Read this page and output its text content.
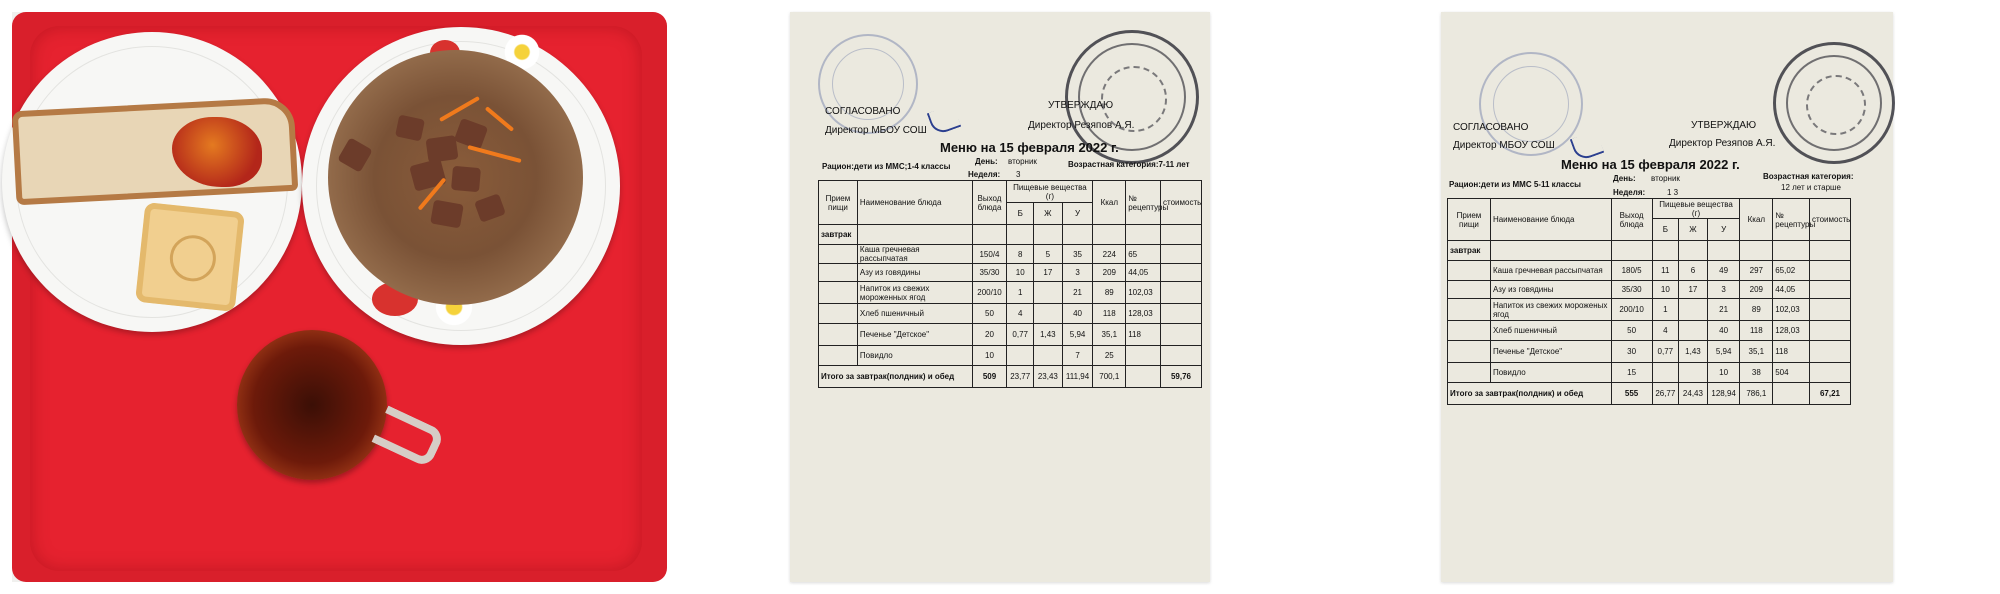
СОГЛАСОВАНО
УТВЕРЖДАЮ
Директор МБОУ СОШ	Директор Резяпов А.Я.
Меню на 15 февраля 2022 г.
Рацион:дети из ММС;1-4 классы
День: вторник
Неделя: 3
Возрастная категория:7-11 лет
Прием пищи	Наименование блюда	Выход блюда	Пищевые вещества (г)			Ккал	№ рецептуры	стоимость
			Б	Ж	У			
завтрак								
	Каша гречневая рассыпчатая	150/4	8	5	35	224	65	
	Азу из говядины	35/30	10	17	3	209	44,05	
	Напиток из свежих мороженных ягод	200/10	1		21	89	102,03	
	Хлеб пшеничный	50	4		40	118	128,03	
	Печенье "Детское"	20	0,77	1,43	5,94	35,1	118	
	Повидло	10			7	25		
Итого за завтрак(полдник) и обед		509	23,77	23,43	111,94	700,1		59,76
СОГЛАСОВАНО	УТВЕРЖДАЮ
Директор МБОУ СОШ	Директор Резяпов А.Я.
Меню на 15 февраля 2022 г.
Рацион:дети из ММС 5-11 классы
День: вторник
Неделя:	1 3
Возрастная категория:
12 лет и старше
Прием пищи	Наименование блюда	Выход блюда	Пищевые вещества (г)			Ккал	№ рецептуры	стоимость
			Б	Ж	У			
завтрак								
	Каша гречневая рассыпчатая	180/5	11	6	49	297	65,02	
	Азу из говядины	35/30	10	17	3	209	44,05	
	Напиток из свежих мороженых ягод	200/10	1		21	89	102,03	
	Хлеб пшеничный	50	4		40	118	128,03	
	Печенье "Детское"	30	0,77	1,43	5,94	35,1	118	
	Повидло	15			10	38	504	
Итого за завтрак(полдник) и обед		555	26,77	24,43	128,94	786,1		67,21
